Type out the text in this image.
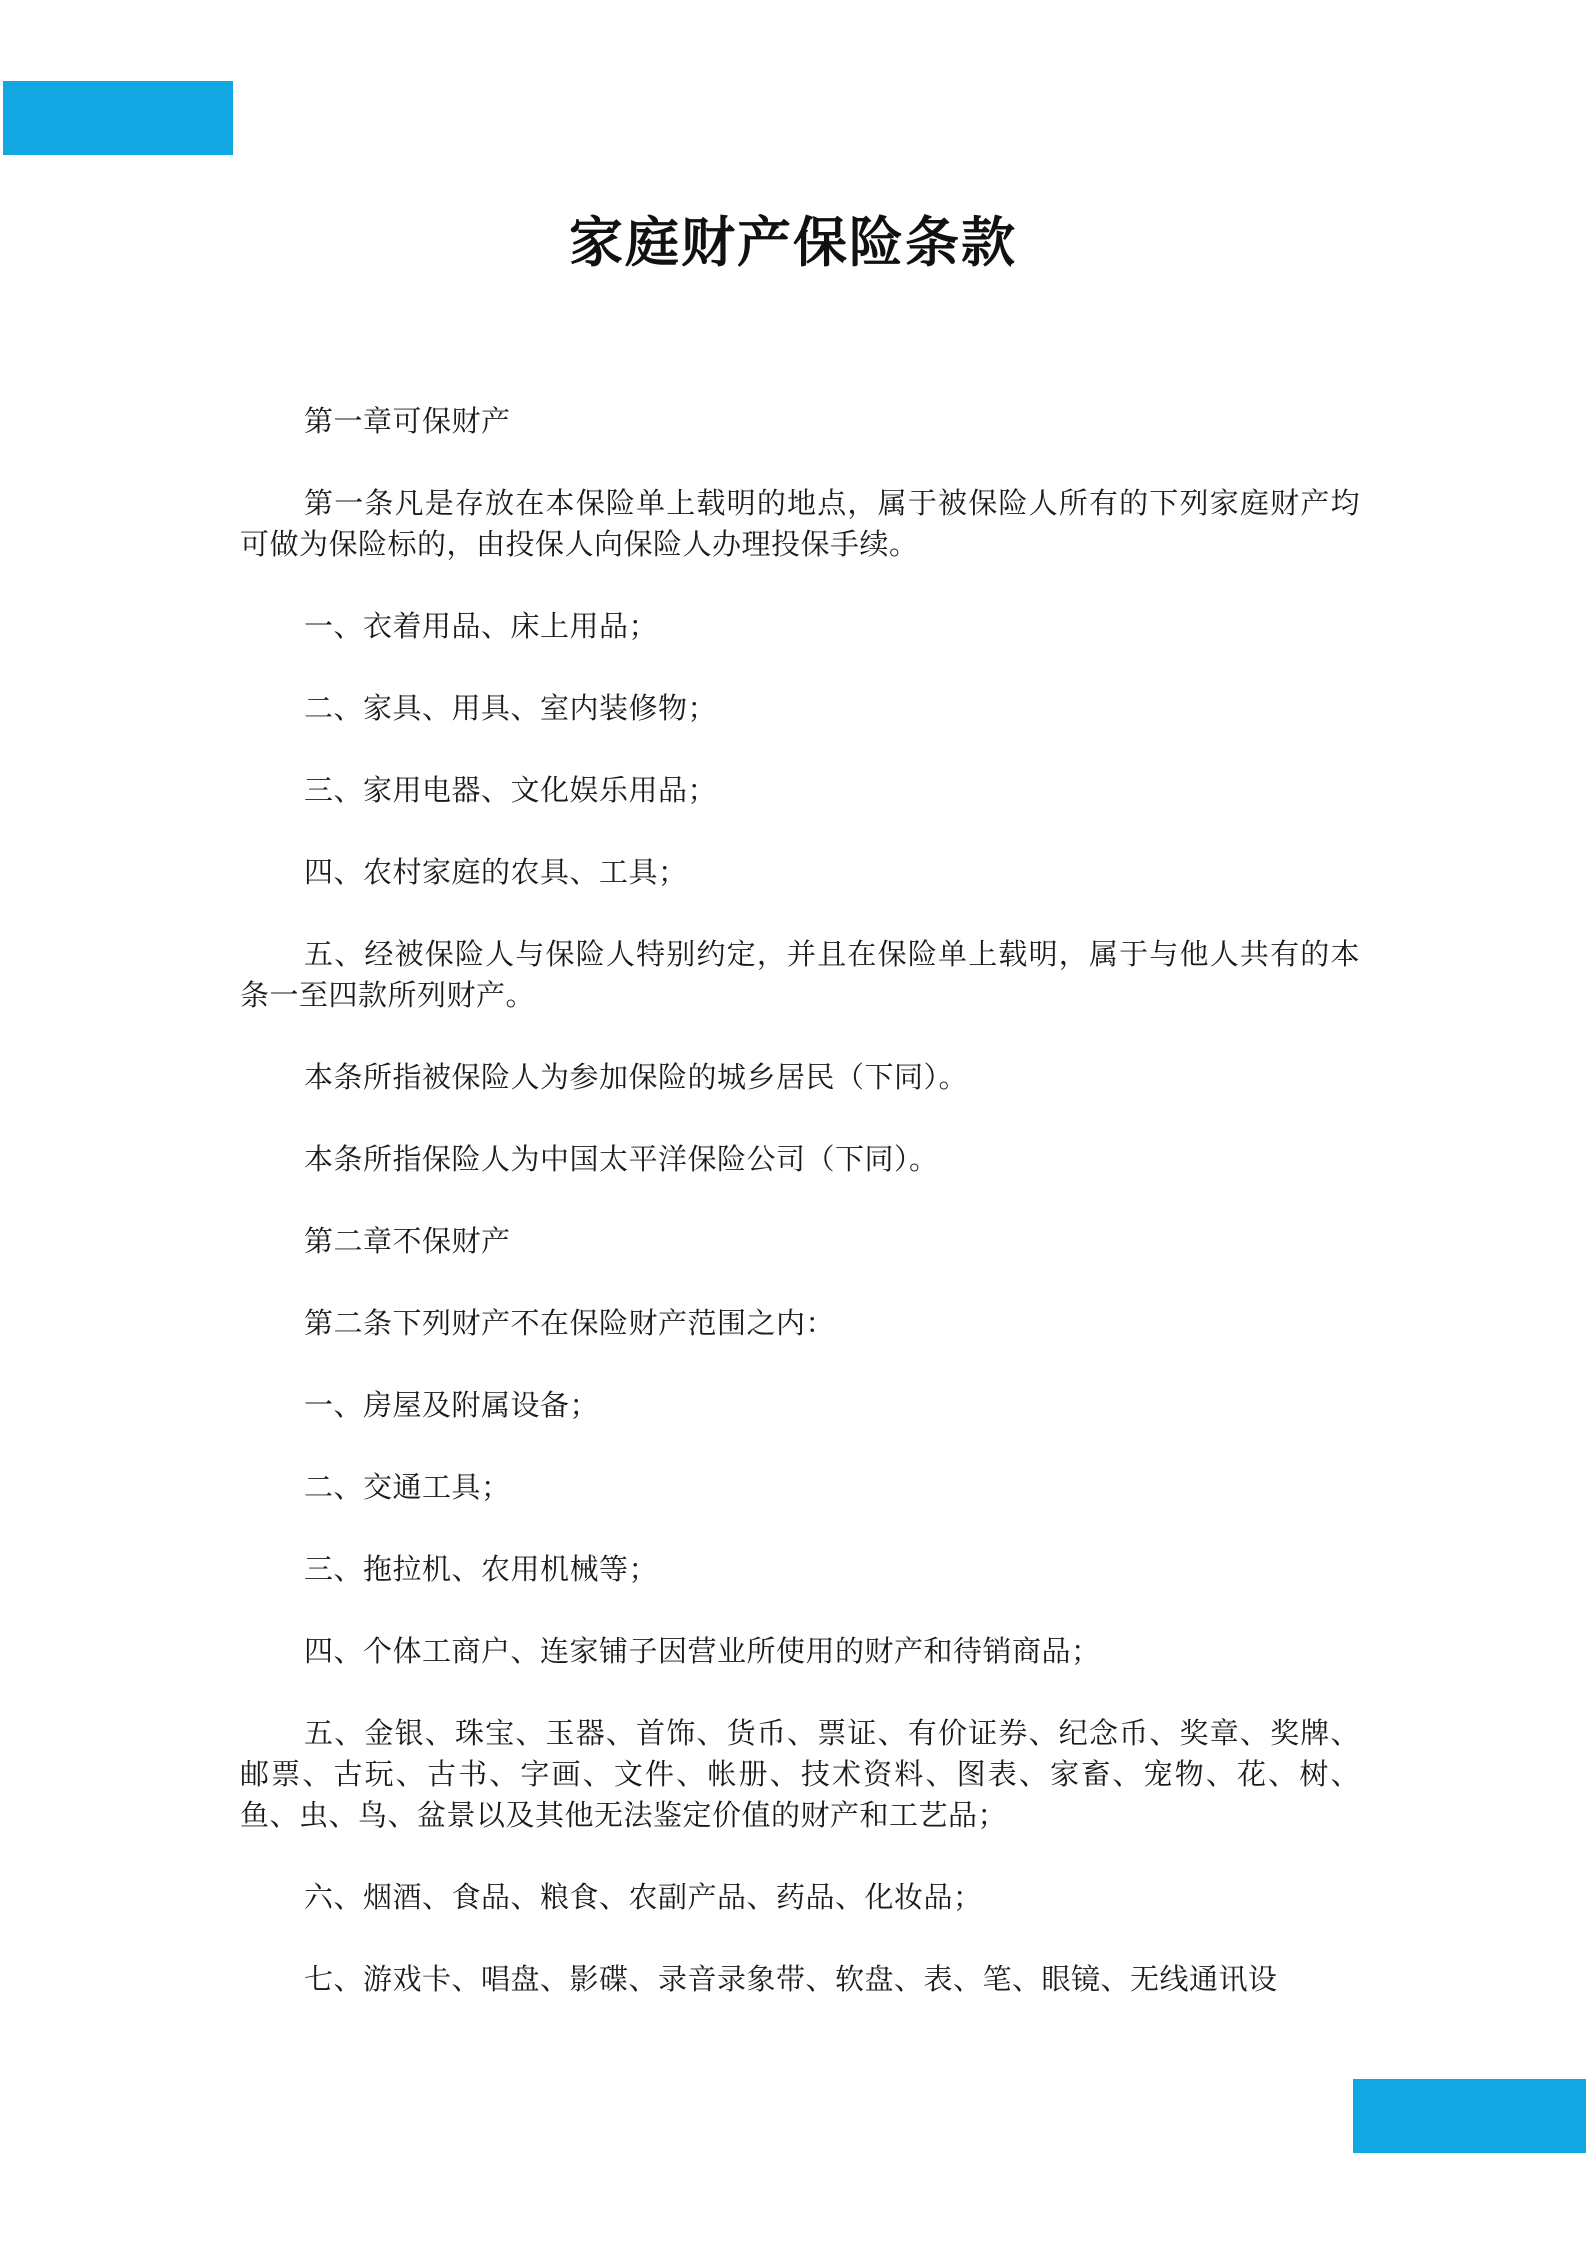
家庭财产保险条款

第一章可保财产

第一条凡是存放在本保险单上载明的地点，属于被保险人所有的下列家庭财产均可做为保险标的，由投保人向保险人办理投保手续。

一、衣着用品、床上用品；

二、家具、用具、室内装修物；

三、家用电器、文化娱乐用品；

四、农村家庭的农具、工具；

五、经被保险人与保险人特别约定，并且在保险单上载明，属于与他人共有的本条一至四款所列财产。

本条所指被保险人为参加保险的城乡居民（下同）。

本条所指保险人为中国太平洋保险公司（下同）。

第二章不保财产

第二条下列财产不在保险财产范围之内：

一、房屋及附属设备；

二、交通工具；

三、拖拉机、农用机械等；

四、个体工商户、连家铺子因营业所使用的财产和待销商品；

五、金银、珠宝、玉器、首饰、货币、票证、有价证券、纪念币、奖章、奖牌、邮票、古玩、古书、字画、文件、帐册、技术资料、图表、家畜、宠物、花、树、鱼、虫、鸟、盆景以及其他无法鉴定价值的财产和工艺品；

六、烟酒、食品、粮食、农副产品、药品、化妆品；

七、游戏卡、唱盘、影碟、录音录象带、软盘、表、笔、眼镜、无线通讯设
